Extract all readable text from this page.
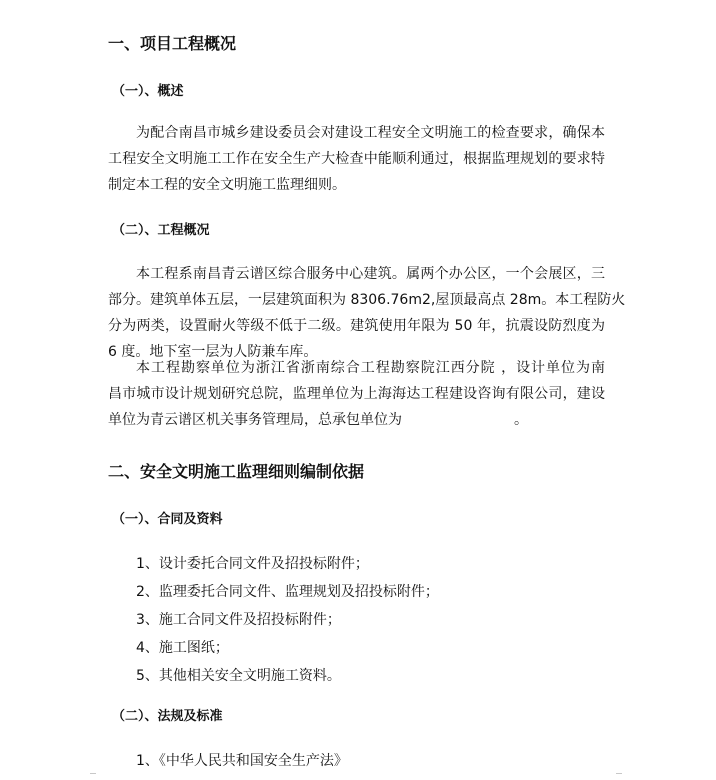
一、项目工程概况
（一）、概述
为配合南昌市城乡建设委员会对建设工程安全文明施工的检查要求，确保本
工程安全文明施工工作在安全生产大检查中能顺利通过，根据监理规划的要求特
制定本工程的安全文明施工监理细则。
（二）、工程概况
本工程系南昌青云谱区综合服务中心建筑。属两个办公区，一个会展区，三
部分。建筑单体五层，一层建筑面积为 8306.76m2,屋顶最高点 28m。本工程防火
分为两类，设置耐火等级不低于二级。建筑使用年限为 50 年，抗震设防烈度为
6 度。地下室一层为人防兼车库。
本工程勘察单位为浙江省浙南综合工程勘察院江西分院 ，设计单位为南
昌市城市设计规划研究总院，监理单位为上海海达工程建设咨询有限公司，建设
单位为青云谱区机关事务管理局，总承包单位为	。
二、安全文明施工监理细则编制依据
（一）、合同及资料

1、设计委托合同文件及招投标附件；

2、监理委托合同文件、监理规划及招投标附件；

3、施工合同文件及招投标附件；

4、施工图纸；

5、其他相关安全文明施工资料。

（二）、法规及标准

1、《中华人民共和国安全生产法》
